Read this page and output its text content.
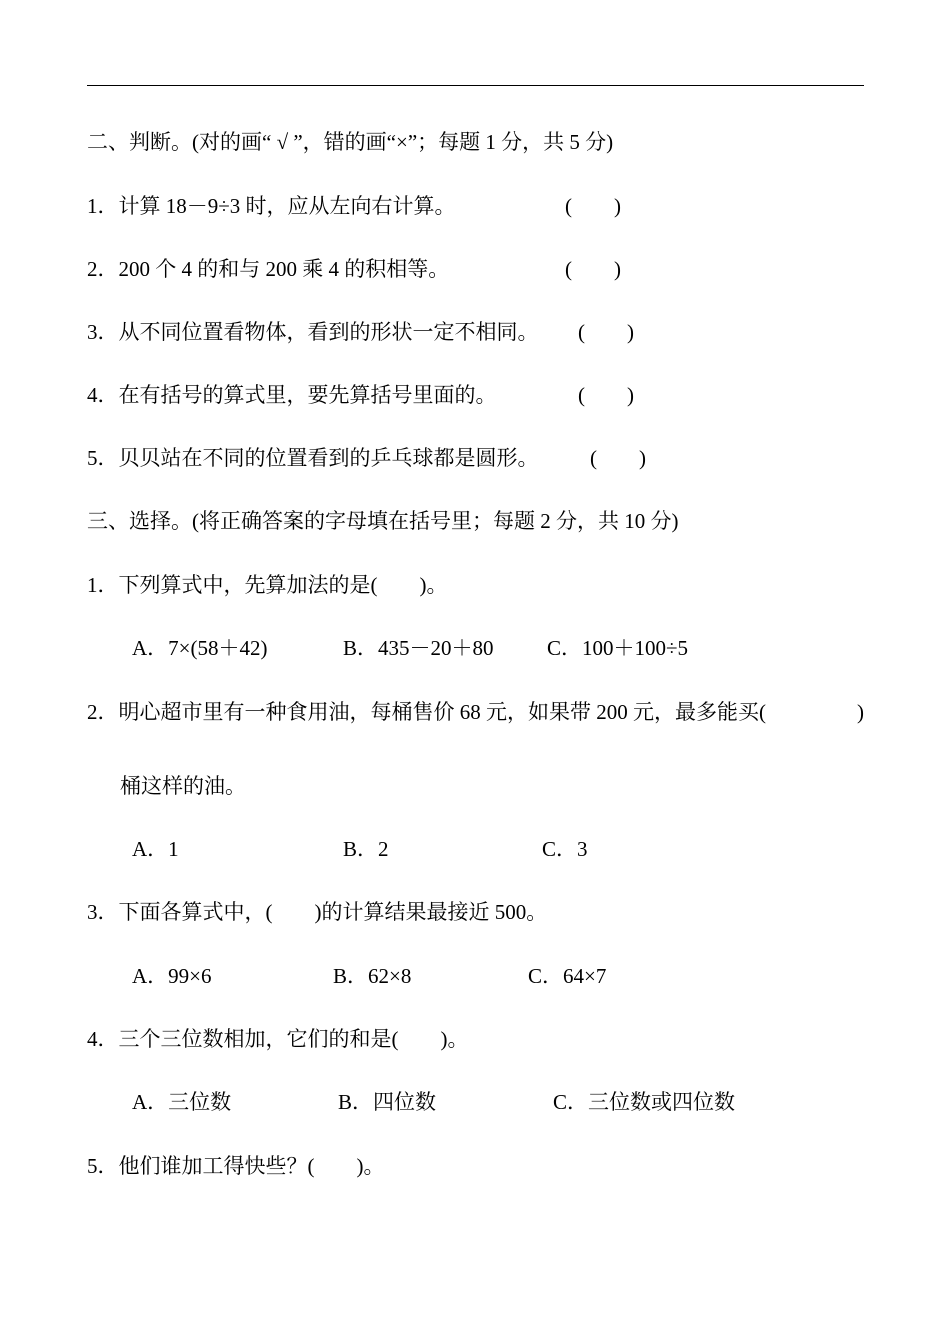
二、判断。(对的画“ √ ”，错的画“×”；每题 1 分，共 5 分)
1．计算 18－9÷3 时，应从左向右计算。	(        )
2．200 个 4 的和与 200 乘 4 的积相等。	(        )
3．从不同位置看物体，看到的形状一定不相同。 (        )
4．在有括号的算式里，要先算括号里面的。	(        )
5．贝贝站在不同的位置看到的乒乓球都是圆形。 (        )
三、选择。(将正确答案的字母填在括号里；每题 2 分，共 10 分)
1．下列算式中，先算加法的是(        )。
A．7×(58＋42)	B．435－20＋80	C．100＋100÷5
2．明心超市里有一种食用油，每桶售价 68 元，如果带 200 元，最多能买(	)
桶这样的油。
A．1	B．2	C．3
3．下面各算式中，(        )的计算结果最接近 500。
A．99×6	B．62×8	C．64×7
4．三个三位数相加，它们的和是(        )。
A．三位数	B．四位数	C．三位数或四位数
5．他们谁加工得快些？(        )。
